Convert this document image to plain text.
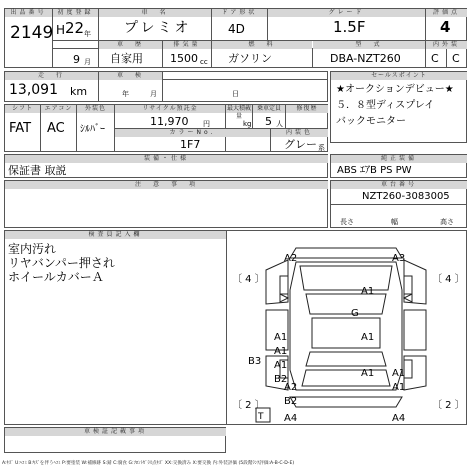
出品番号
2149
初度登録
H 22 年
9 月
車　名
プレミオ
ドア形状
4D
グレード
1.5F
評価点
4
車　歴
自家用
排気量
1500 cc
燃　料
ガソリン
型　式
DBA-NZT260
内外装
C C
走　行
13,091 km
車　検
年	月	日
セールスポイント
★オークションデビュー★
５．８型ディスプレイ
バックモニター
シフト
FAT
エアコン
AC
外装色
ｼﾙﾊﾞｰ
リサイクル預託金
11,970 円
最大積載量
kg
乗車定員
5 人
修復歴
カラーNo.
1F7
内装色
グレー 系
装備・仕様
保証書 取説
純正装備
ABS ｴｱB PS PW
注　意　事　項	車台番号
NZT260-3083005
長さ	幅	高さ
検査員記入欄
室内汚れ
リヤバンパー押され
ホイールカバーＡ	〔 4 〕	〔 4 〕
〔 2 〕	〔 2 〕
T
A2	A3
A1
G
A1
A1
A1
A1
B3
A1
B2
A1
A2
B2
A1
A4	A4
車検証記載事項
A:ｷｽﾞ U:ﾍｺﾐ B:ｷｽﾞを伴うﾍｺﾐ P:要塗装 W:補修跡 S:錆 C:腐食 G:ﾌﾛﾝﾄｶﾞﾗｽ点ｷｽﾞ XX:交換済み X:要交換 内:外装評価 (5段階ﾗﾝｸ評価:A-B-C-D-E)
